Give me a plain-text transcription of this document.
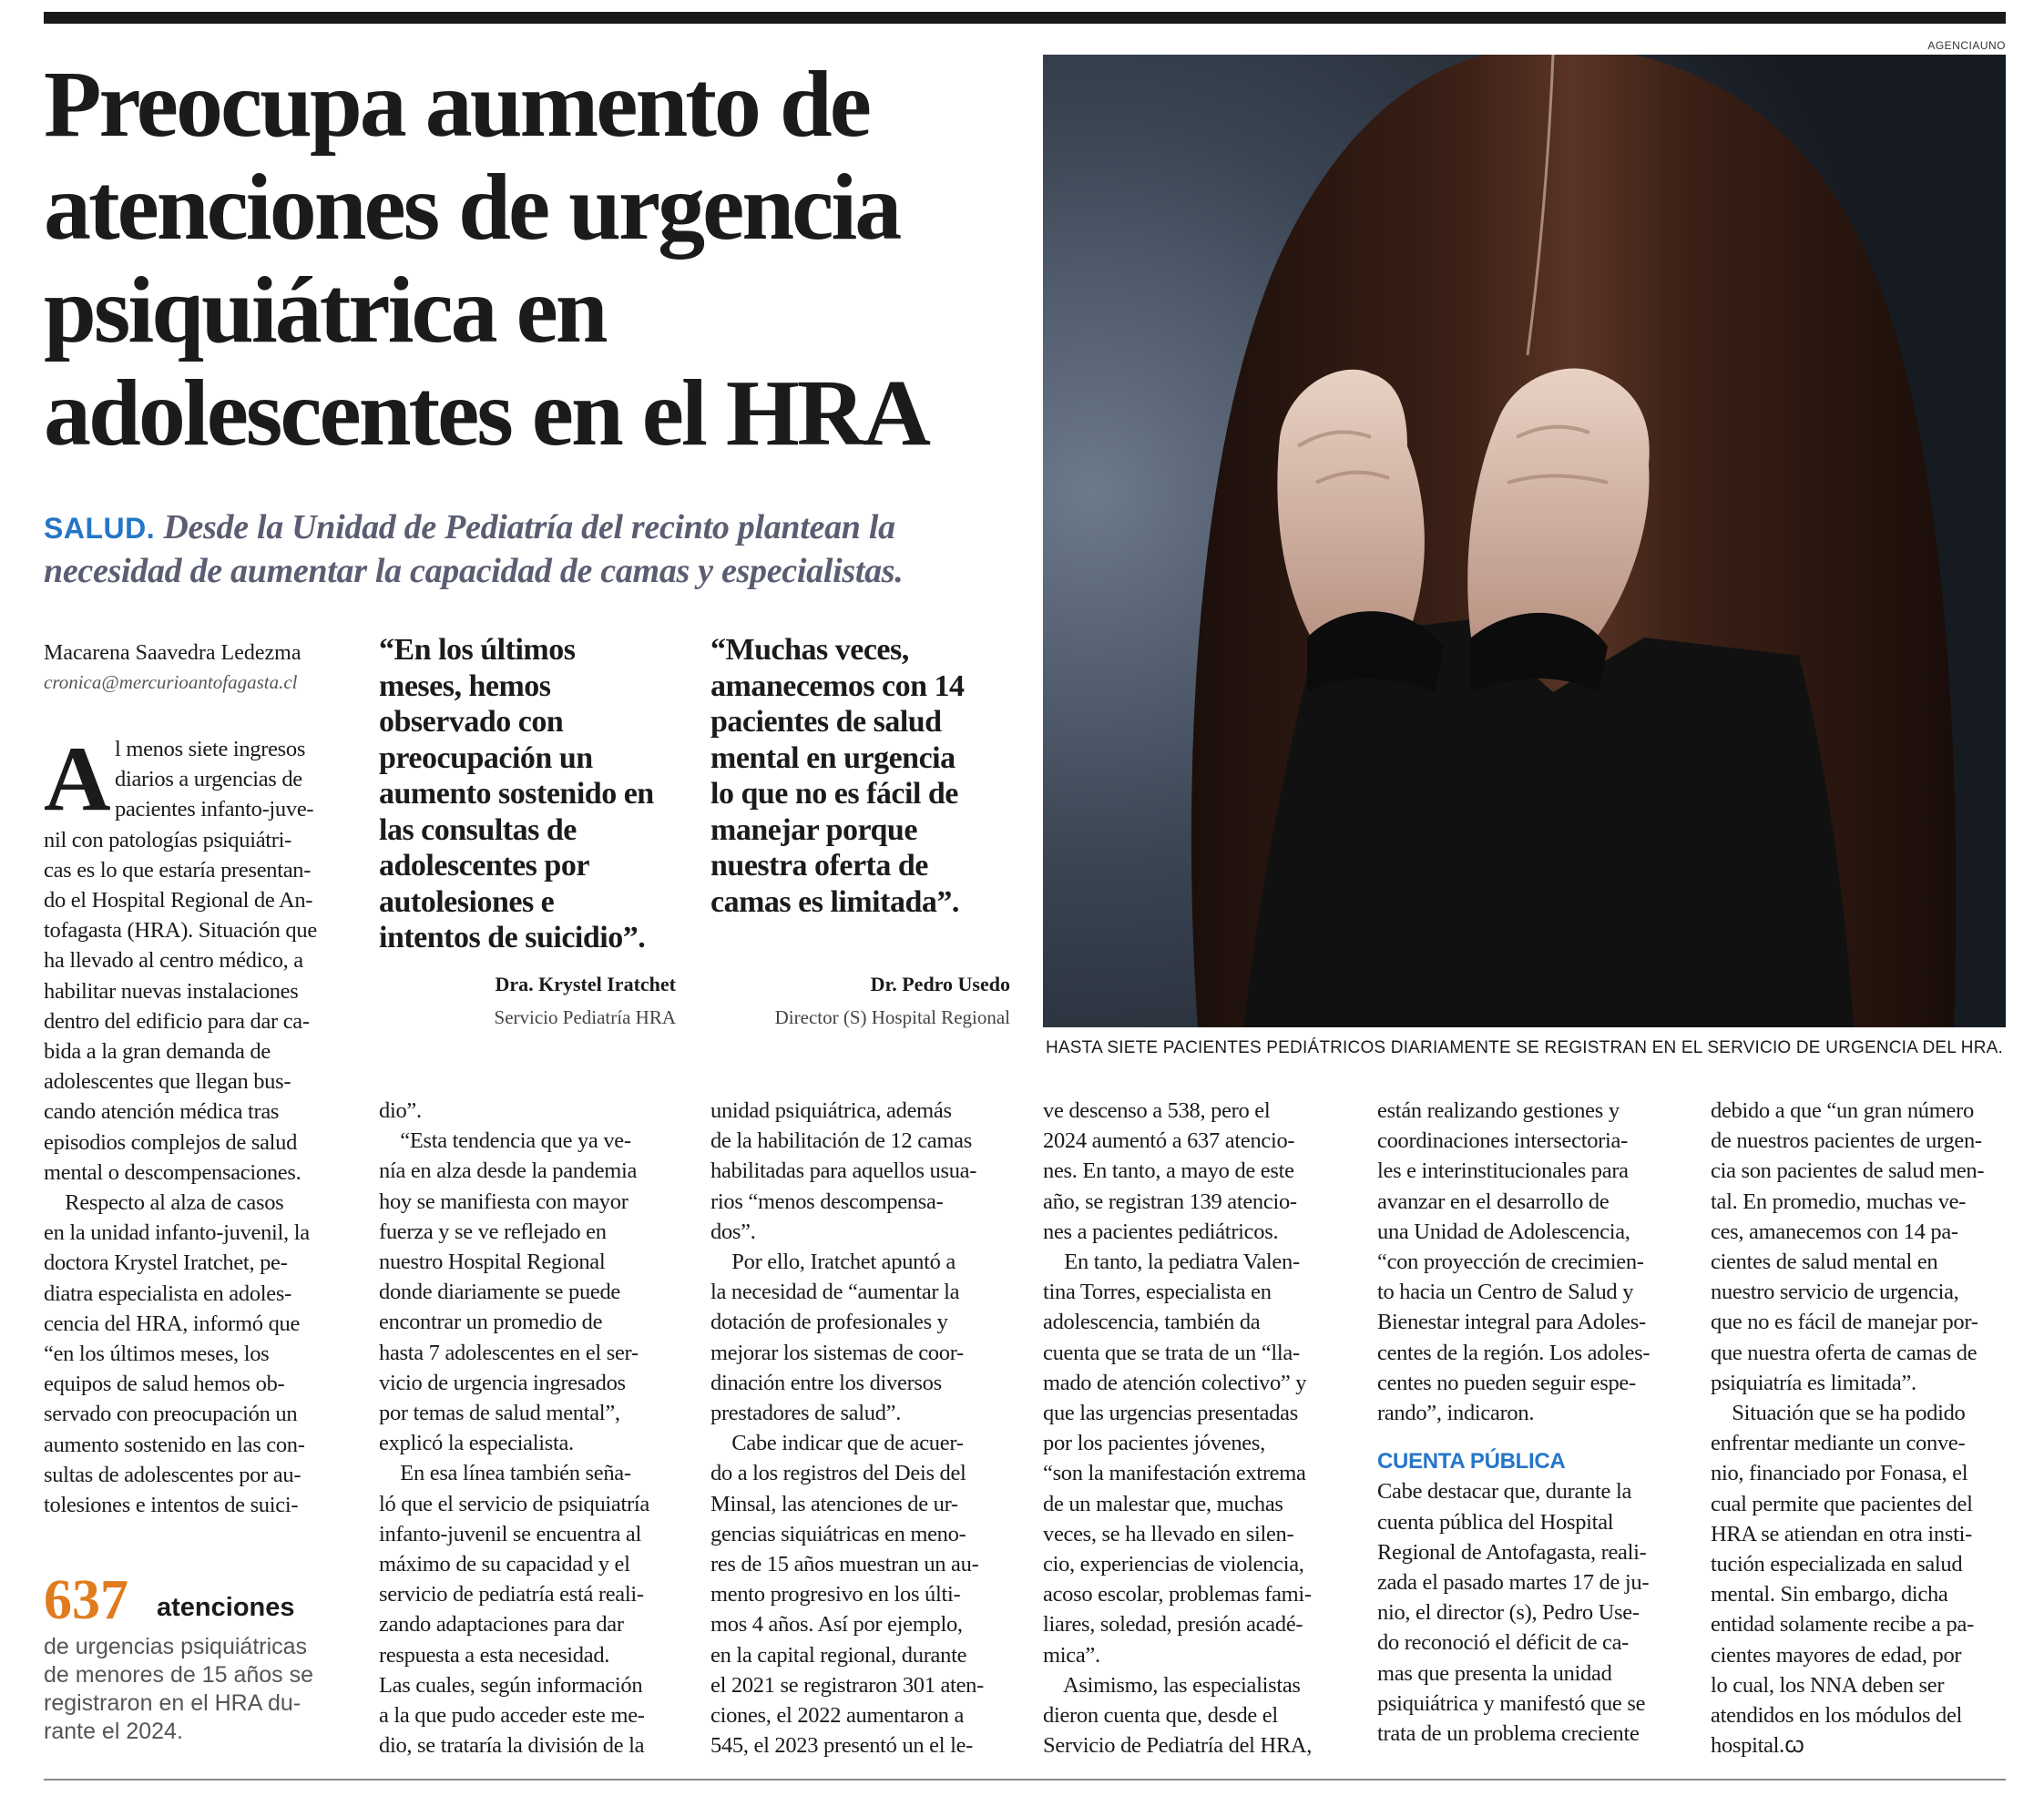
Preocupa aumento de
atenciones de urgencia
psiquiátrica en
adolescentes en el HRA

SALUD. Desde la Unidad de Pediatría del recinto plantean la
necesidad de aumentar la capacidad de camas y especialistas.

Macarena Saavedra Ledezma
cronica@mercurioantofagasta.cl
“En los últimos
meses, hemos
observado con
preocupación un
aumento sostenido en
las consultas de
adolescentes por
autolesiones e
intentos de suicidio”.
Dra. Krystel Iratchet
Servicio Pediatría HRA
“Muchas veces,
amanecemos con 14
pacientes de salud
mental en urgencia
lo que no es fácil de
manejar porque
nuestra oferta de
camas es limitada”.
Dr. Pedro Usedo
Director (S) Hospital Regional
AGENCIAUNO
HASTA SIETE PACIENTES PEDIÁTRICOS DIARIAMENTE SE REGISTRAN EN EL SERVICIO DE URGENCIA DEL HRA.
A l menos siete ingresos
diarios a urgencias de
pacientes infanto-juve-
nil con patologías psiquiátri-
cas es lo que estaría presentan-
do el Hospital Regional de An-
tofagasta (HRA). Situación que
ha llevado al centro médico, a
habilitar nuevas instalaciones
dentro del edificio para dar ca-
bida a la gran demanda de
adolescentes que llegan bus-
cando atención médica tras
episodios complejos de salud
mental o descompensaciones.
Respecto al alza de casos
en la unidad infanto-juvenil, la
doctora Krystel Iratchet, pe-
diatra especialista en adoles-
cencia del HRA, informó que
“en los últimos meses, los
equipos de salud hemos ob-
servado con preocupación un
aumento sostenido en las con-
sultas de adolescentes por au-
tolesiones e intentos de suici-
637 atenciones
de urgencias psiquiátricas
de menores de 15 años se
registraron en el HRA du-
rante el 2024.
dio”.
“Esta tendencia que ya ve-
nía en alza desde la pandemia
hoy se manifiesta con mayor
fuerza y se ve reflejado en
nuestro Hospital Regional
donde diariamente se puede
encontrar un promedio de
hasta 7 adolescentes en el ser-
vicio de urgencia ingresados
por temas de salud mental”,
explicó la especialista.
En esa línea también seña-
ló que el servicio de psiquiatría
infanto-juvenil se encuentra al
máximo de su capacidad y el
servicio de pediatría está reali-
zando adaptaciones para dar
respuesta a esta necesidad.
Las cuales, según información
a la que pudo acceder este me-
dio, se trataría la división de la
unidad psiquiátrica, además
de la habilitación de 12 camas
habilitadas para aquellos usua-
rios “menos descompensa-
dos”.
Por ello, Iratchet apuntó a
la necesidad de “aumentar la
dotación de profesionales y
mejorar los sistemas de coor-
dinación entre los diversos
prestadores de salud”.
Cabe indicar que de acuer-
do a los registros del Deis del
Minsal, las atenciones de ur-
gencias siquiátricas en meno-
res de 15 años muestran un au-
mento progresivo en los últi-
mos 4 años. Así por ejemplo,
en la capital regional, durante
el 2021 se registraron 301 aten-
ciones, el 2022 aumentaron a
545, el 2023 presentó un el le-
ve descenso a 538, pero el
2024 aumentó a 637 atencio-
nes. En tanto, a mayo de este
año, se registran 139 atencio-
nes a pacientes pediátricos.
En tanto, la pediatra Valen-
tina Torres, especialista en
adolescencia, también da
cuenta que se trata de un “lla-
mado de atención colectivo” y
que las urgencias presentadas
por los pacientes jóvenes,
“son la manifestación extrema
de un malestar que, muchas
veces, se ha llevado en silen-
cio, experiencias de violencia,
acoso escolar, problemas fami-
liares, soledad, presión acadé-
mica”.
Asimismo, las especialistas
dieron cuenta que, desde el
Servicio de Pediatría del HRA,
están realizando gestiones y
coordinaciones intersectoria-
les e interinstitucionales para
avanzar en el desarrollo de
una Unidad de Adolescencia,
“con proyección de crecimien-
to hacia un Centro de Salud y
Bienestar integral para Adoles-
centes de la región. Los adoles-
centes no pueden seguir espe-
rando”, indicaron.
CUENTA PÚBLICA
Cabe destacar que, durante la
cuenta pública del Hospital
Regional de Antofagasta, reali-
zada el pasado martes 17 de ju-
nio, el director (s), Pedro Use-
do reconoció el déficit de ca-
mas que presenta la unidad
psiquiátrica y manifestó que se
trata de un problema creciente
debido a que “un gran número
de nuestros pacientes de urgen-
cia son pacientes de salud men-
tal. En promedio, muchas ve-
ces, amanecemos con 14 pa-
cientes de salud mental en
nuestro servicio de urgencia,
que no es fácil de manejar por-
que nuestra oferta de camas de
psiquiatría es limitada”.
Situación que se ha podido
enfrentar mediante un conve-
nio, financiado por Fonasa, el
cual permite que pacientes del
HRA se atiendan en otra insti-
tución especializada en salud
mental. Sin embargo, dicha
entidad solamente recibe a pa-
cientes mayores de edad, por
lo cual, los NNA deben ser
atendidos en los módulos del
hospital.ꞷ
